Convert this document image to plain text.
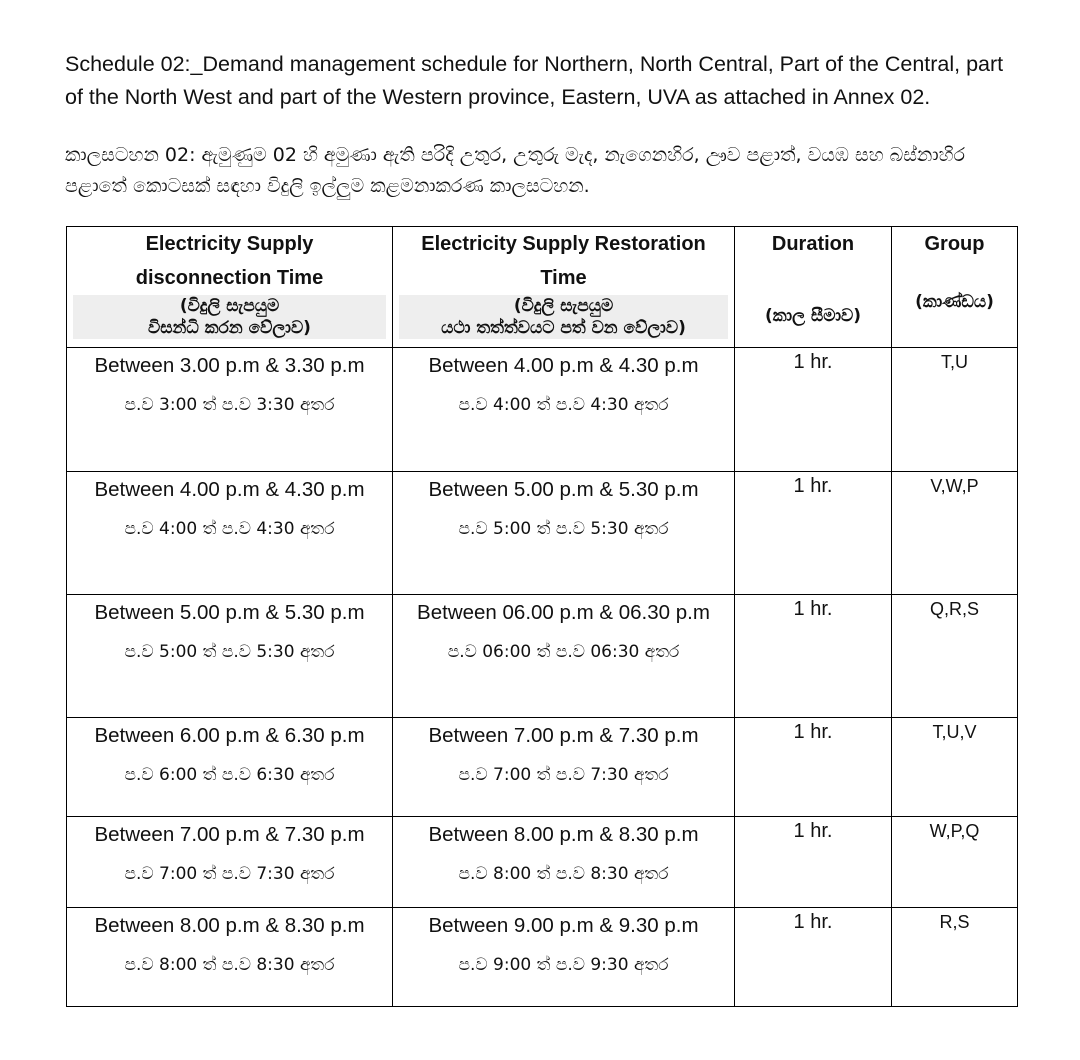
Schedule 02:_Demand management schedule for Northern, North Central, Part of the Central, part of the North West and part of the Western province, Eastern, UVA as attached in Annex 02.
කාලසටහන 02: ඇමුණුම 02 හි අමුණා ඇති පරිදි උතුර, උතුරු මැද, නැගෙනහිර, ඌව පළාත්, වයඹ සහ බස්නාහිර පළාතේ කොටසක් සඳහා විදුලි ඉල්ලුම කළමනාකරණ කාලසටහන.
Electricity Supply
disconnection Time
(විදුලි සැපයුම
විසන්ධි කරන වේලාව)	Electricity Supply Restoration
Time
(විදුලි සැපයුම
යථා තත්ත්වයට පත් වන වේලාව)	Duration
(කාල සීමාව)	Group
(කාණ්ඩය)

Between 3.00 p.m & 3.30 p.m
ප.ව 3:00 ත් ප.ව 3:30 අතර	Between 4.00 p.m & 4.30 p.m
ප.ව 4:00 ත් ප.ව 4:30 අතර	1 hr.	T,U

Between 4.00 p.m & 4.30 p.m
ප.ව 4:00 ත් ප.ව 4:30 අතර	Between 5.00 p.m & 5.30 p.m
ප.ව 5:00 ත් ප.ව 5:30 අතර	1 hr.	V,W,P

Between 5.00 p.m & 5.30 p.m
ප.ව 5:00 ත් ප.ව 5:30 අතර	Between 06.00 p.m & 06.30 p.m
ප.ව 06:00 ත් ප.ව 06:30 අතර	1 hr.	Q,R,S

Between 6.00 p.m & 6.30 p.m
ප.ව 6:00 ත් ප.ව 6:30 අතර	Between 7.00 p.m & 7.30 p.m
ප.ව 7:00 ත් ප.ව 7:30 අතර	1 hr.	T,U,V

Between 7.00 p.m & 7.30 p.m
ප.ව 7:00 ත් ප.ව 7:30 අතර	Between 8.00 p.m & 8.30 p.m
ප.ව 8:00 ත් ප.ව 8:30 අතර	1 hr.	W,P,Q

Between 8.00 p.m & 8.30 p.m
ප.ව 8:00 ත් ප.ව 8:30 අතර	Between 9.00 p.m & 9.30 p.m
ප.ව 9:00 ත් ප.ව 9:30 අතර	1 hr.	R,S
